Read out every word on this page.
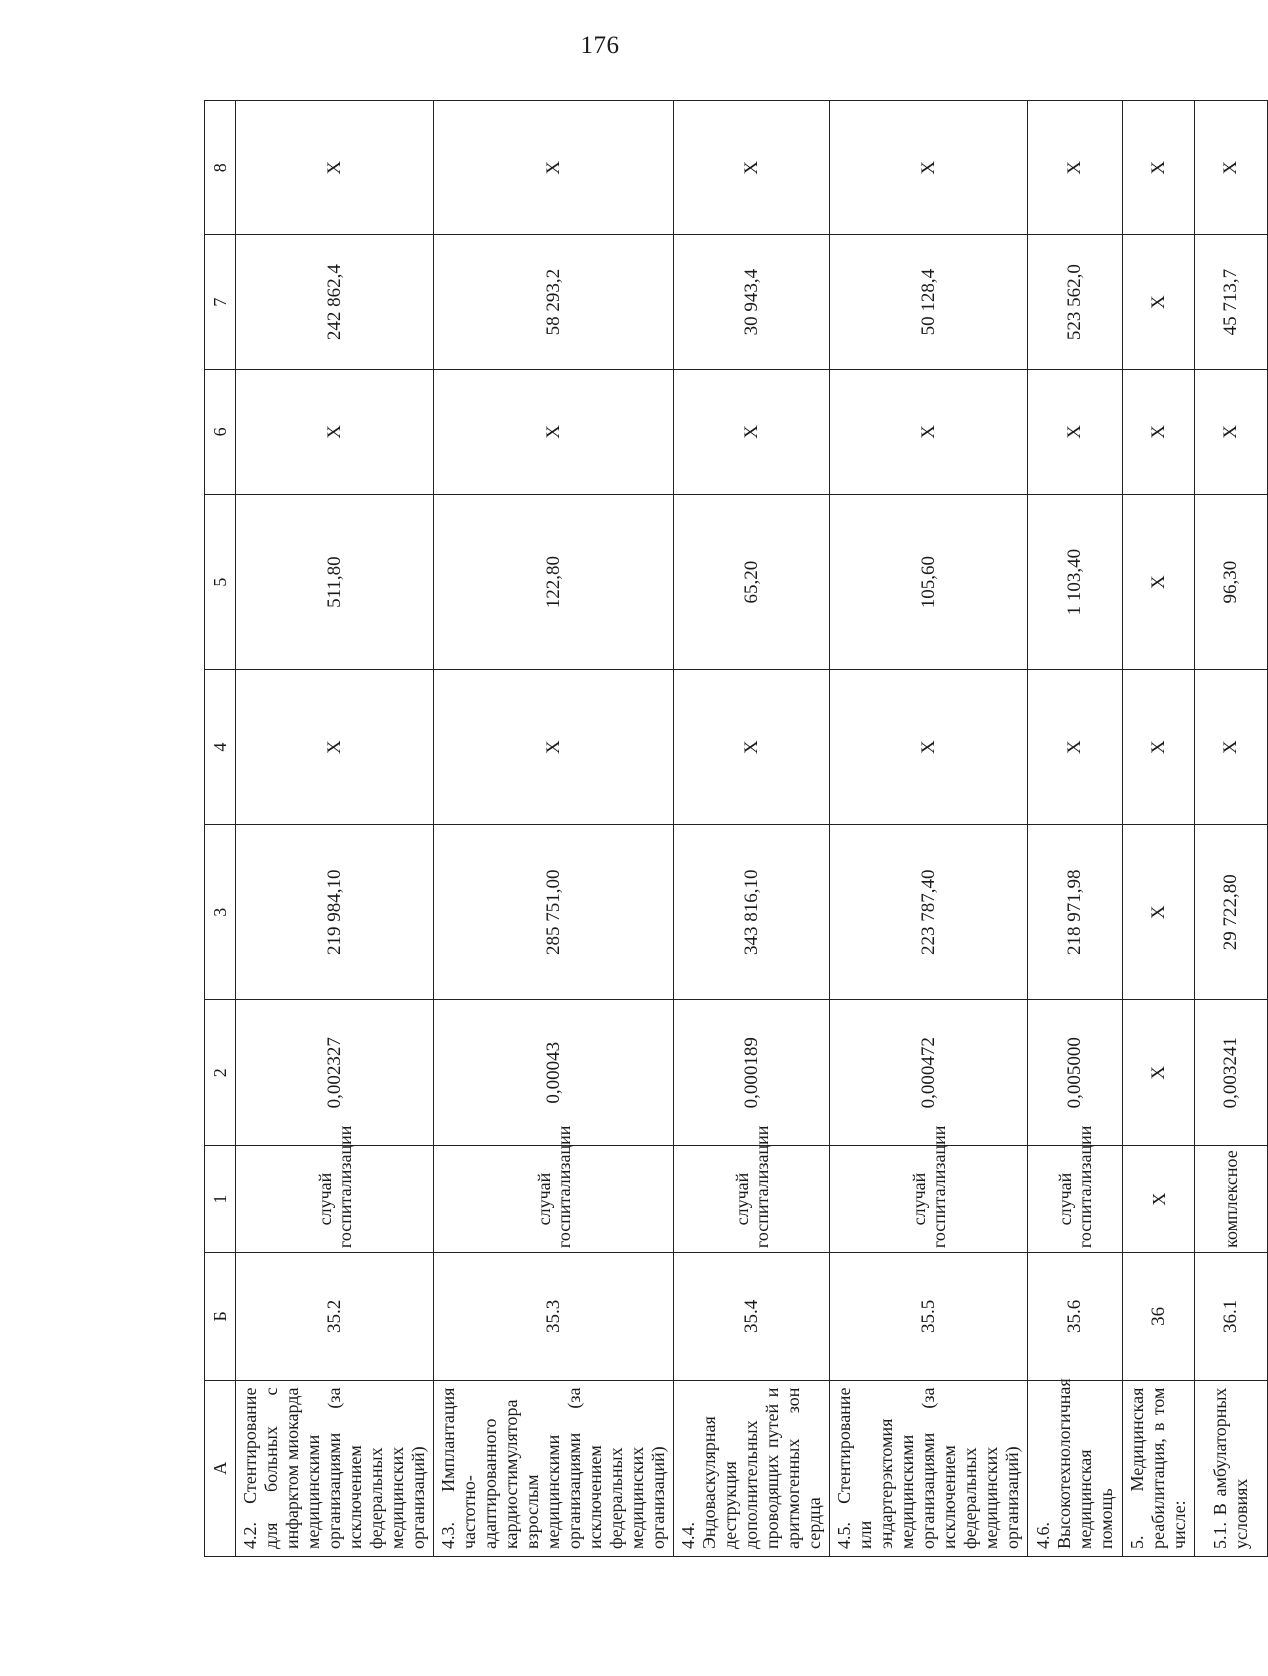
176
А	Б	1	2	3	4	5	6	7	8
4.2. Стентирование для больных с инфарктом миокарда медицинскими организациями (за исключением федеральных медицинских организаций)	35.2	случай госпитализации	0,002327	219 984,10	Х	511,80	Х	242 862,4	Х
4.3. Имплантация частотно-адаптированного кардиостимулятора взрослым медицинскими организациями (за исключением федеральных медицинских организаций)	35.3	случай госпитализации	0,00043	285 751,00	Х	122,80	Х	58 293,2	Х
4.4. Эндоваскулярная деструкция дополнительных проводящих путей и аритмогенных зон сердца	35.4	случай госпитализации	0,000189	343 816,10	Х	65,20	Х	30 943,4	Х
4.5. Стентирование или эндартерэктомия медицинскими организациями (за исключением федеральных медицинских организаций)	35.5	случай госпитализации	0,000472	223 787,40	Х	105,60	Х	50 128,4	Х
4.6. Высокотехнологичная медицинская помощь	35.6	случай госпитализации	0,005000	218 971,98	Х	1 103,40	Х	523 562,0	Х
5. Медицинская реабилитация, в том числе:	36	Х	Х	Х	Х	Х	Х	Х	Х
5.1. В амбулаторных условиях	36.1	комплексное	0,003241	29 722,80	Х	96,30	Х	45 713,7	Х
